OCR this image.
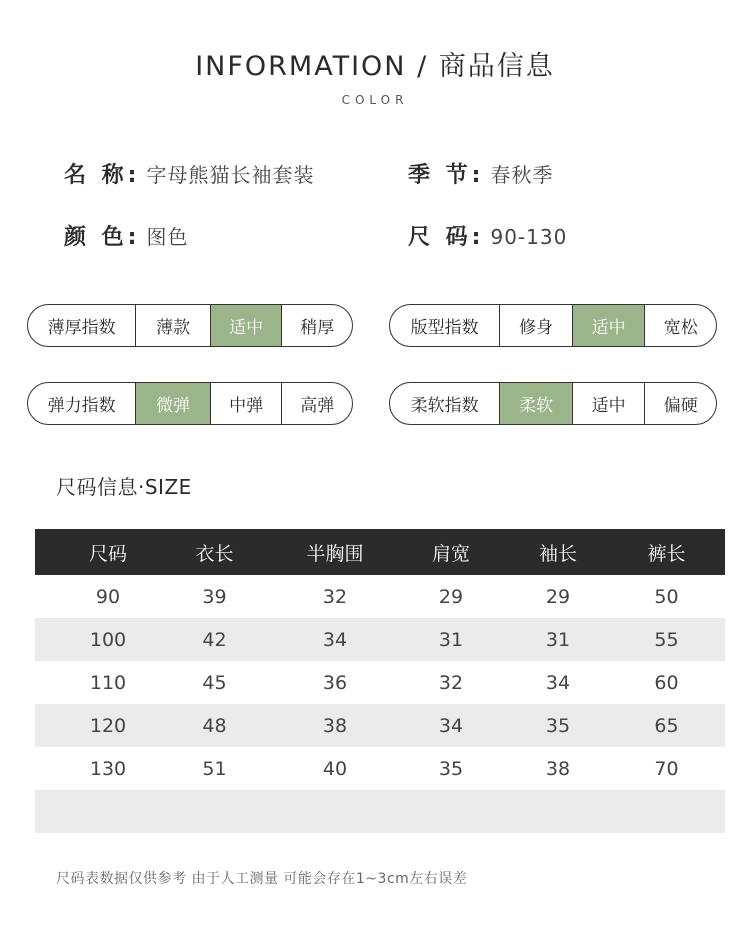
INFORMATION / 商品信息
COLOR
名 称: 字母熊猫长袖套装	季 节: 春秋季
颜 色: 图色	尺 码: 90-130
薄厚指数	薄款	适中	稍厚	版型指数	修身	适中	宽松
弹力指数	微弹	中弹	高弹	柔软指数	柔软	适中	偏硬
尺码信息·SIZE
尺码	衣长	半胸围	肩宽	袖长	裤长
90	39	32	29	29	50
100	42	34	31	31	55
110	45	36	32	34	60
120	48	38	34	35	65
130	51	40	35	38	70
尺码表数据仅供参考 由于人工测量 可能会存在1~3cm左右误差
